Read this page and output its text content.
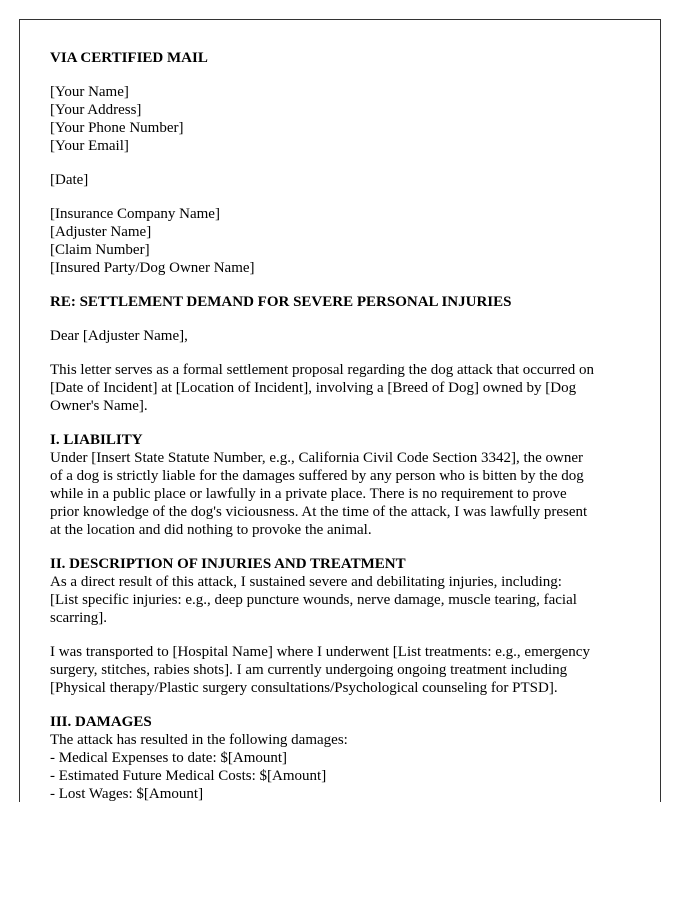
VIA CERTIFIED MAIL
[Your Name]
[Your Address]
[Your Phone Number]
[Your Email]
[Date]
[Insurance Company Name]
[Adjuster Name]
[Claim Number]
[Insured Party/Dog Owner Name]
RE: SETTLEMENT DEMAND FOR SEVERE PERSONAL INJURIES
Dear [Adjuster Name],
This letter serves as a formal settlement proposal regarding the dog attack that occurred on
[Date of Incident] at [Location of Incident], involving a [Breed of Dog] owned by [Dog
Owner's Name].
I. LIABILITY
Under [Insert State Statute Number, e.g., California Civil Code Section 3342], the owner
of a dog is strictly liable for the damages suffered by any person who is bitten by the dog
while in a public place or lawfully in a private place. There is no requirement to prove
prior knowledge of the dog's viciousness. At the time of the attack, I was lawfully present
at the location and did nothing to provoke the animal.
II. DESCRIPTION OF INJURIES AND TREATMENT
As a direct result of this attack, I sustained severe and debilitating injuries, including:
[List specific injuries: e.g., deep puncture wounds, nerve damage, muscle tearing, facial
scarring].
I was transported to [Hospital Name] where I underwent [List treatments: e.g., emergency
surgery, stitches, rabies shots]. I am currently undergoing ongoing treatment including
[Physical therapy/Plastic surgery consultations/Psychological counseling for PTSD].
III. DAMAGES
The attack has resulted in the following damages:
- Medical Expenses to date: $[Amount]
- Estimated Future Medical Costs: $[Amount]
- Lost Wages: $[Amount]
